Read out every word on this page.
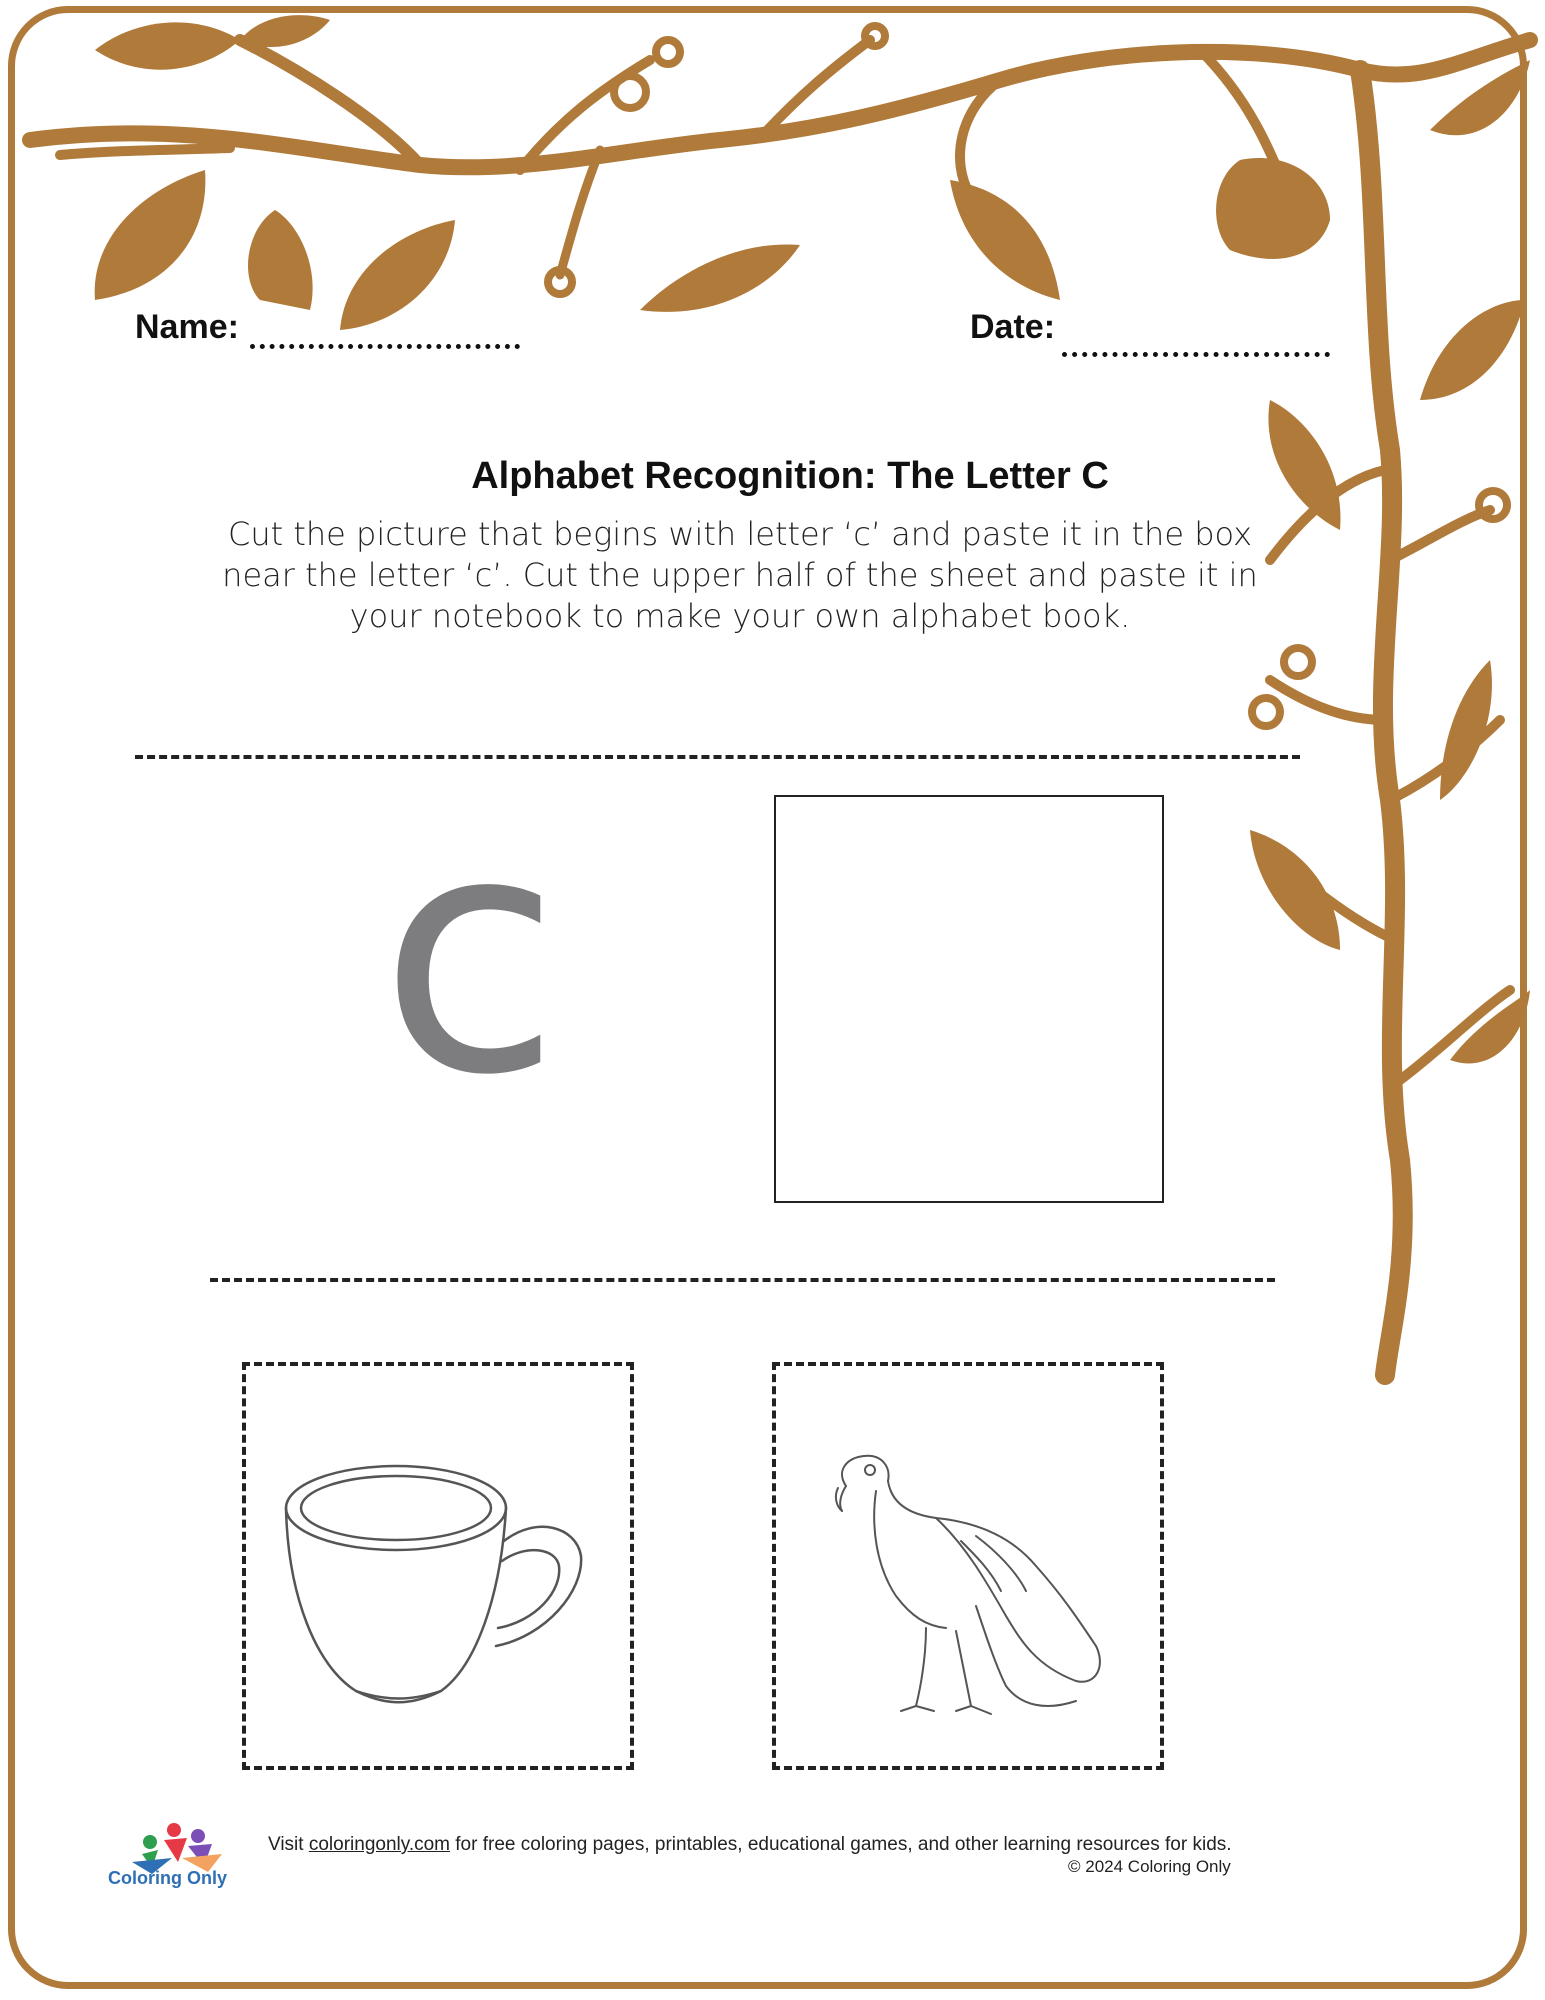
Name:	Date:
Alphabet Recognition: The Letter C
Cut the picture that begins with letter ‘c’ and paste it in the box near the letter ‘c’. Cut the upper half of the sheet and paste it in your notebook to make your own alphabet book.
c
Coloring Only
Visit coloringonly.com for free coloring pages, printables, educational games, and other learning resources for kids.
© 2024 Coloring Only
